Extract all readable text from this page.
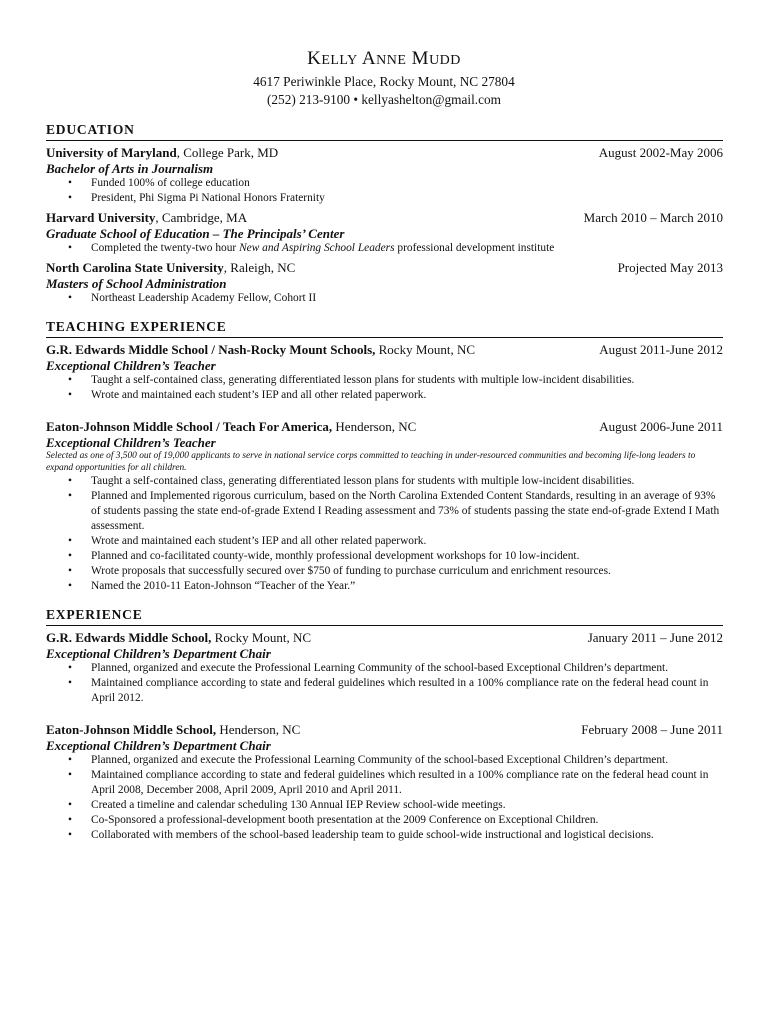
KELLY ANNE MUDD
4617 Periwinkle Place, Rocky Mount, NC 27804
(252) 213-9100 • kellyashelton@gmail.com
EDUCATION
University of Maryland, College Park, MD	August 2002-May 2006
Bachelor of Arts in Journalism
• Funded 100% of college education
• President, Phi Sigma Pi National Honors Fraternity
Harvard University, Cambridge, MA	March 2010 – March 2010
Graduate School of Education – The Principals’ Center
• Completed the twenty-two hour New and Aspiring School Leaders professional development institute
North Carolina State University, Raleigh, NC	Projected May 2013
Masters of School Administration
• Northeast Leadership Academy Fellow, Cohort II
TEACHING EXPERIENCE
G.R. Edwards Middle School / Nash-Rocky Mount Schools, Rocky Mount, NC	August 2011-June 2012
Exceptional Children’s Teacher
• Taught a self-contained class, generating differentiated lesson plans for students with multiple low-incident disabilities.
• Wrote and maintained each student’s IEP and all other related paperwork.
Eaton-Johnson Middle School / Teach For America, Henderson, NC	August 2006-June 2011
Exceptional Children’s Teacher
Selected as one of 3,500 out of 19,000 applicants to serve in national service corps committed to teaching in under-resourced communities and becoming life-long leaders to expand opportunities for all children.
• Taught a self-contained class, generating differentiated lesson plans for students with multiple low-incident disabilities.
• Planned and Implemented rigorous curriculum, based on the North Carolina Extended Content Standards, resulting in an average of 93% of students passing the state end-of-grade Extend I Reading assessment and 73% of students passing the state end-of-grade Extend I Math assessment.
• Wrote and maintained each student’s IEP and all other related paperwork.
• Planned and co-facilitated county-wide, monthly professional development workshops for 10 low-incident.
• Wrote proposals that successfully secured over $750 of funding to purchase curriculum and enrichment resources.
• Named the 2010-11 Eaton-Johnson “Teacher of the Year.”
EXPERIENCE
G.R. Edwards Middle School, Rocky Mount, NC	January 2011 – June 2012
Exceptional Children’s Department Chair
• Planned, organized and execute the Professional Learning Community of the school-based Exceptional Children’s department.
• Maintained compliance according to state and federal guidelines which resulted in a 100% compliance rate on the federal head count in April 2012.
Eaton-Johnson Middle School, Henderson, NC	February 2008 – June 2011
Exceptional Children’s Department Chair
• Planned, organized and execute the Professional Learning Community of the school-based Exceptional Children’s department.
• Maintained compliance according to state and federal guidelines which resulted in a 100% compliance rate on the federal head count in April 2008, December 2008, April 2009, April 2010 and April 2011.
• Created a timeline and calendar scheduling 130 Annual IEP Review school-wide meetings.
• Co-Sponsored a professional-development booth presentation at the 2009 Conference on Exceptional Children.
• Collaborated with members of the school-based leadership team to guide school-wide instructional and logistical decisions.
